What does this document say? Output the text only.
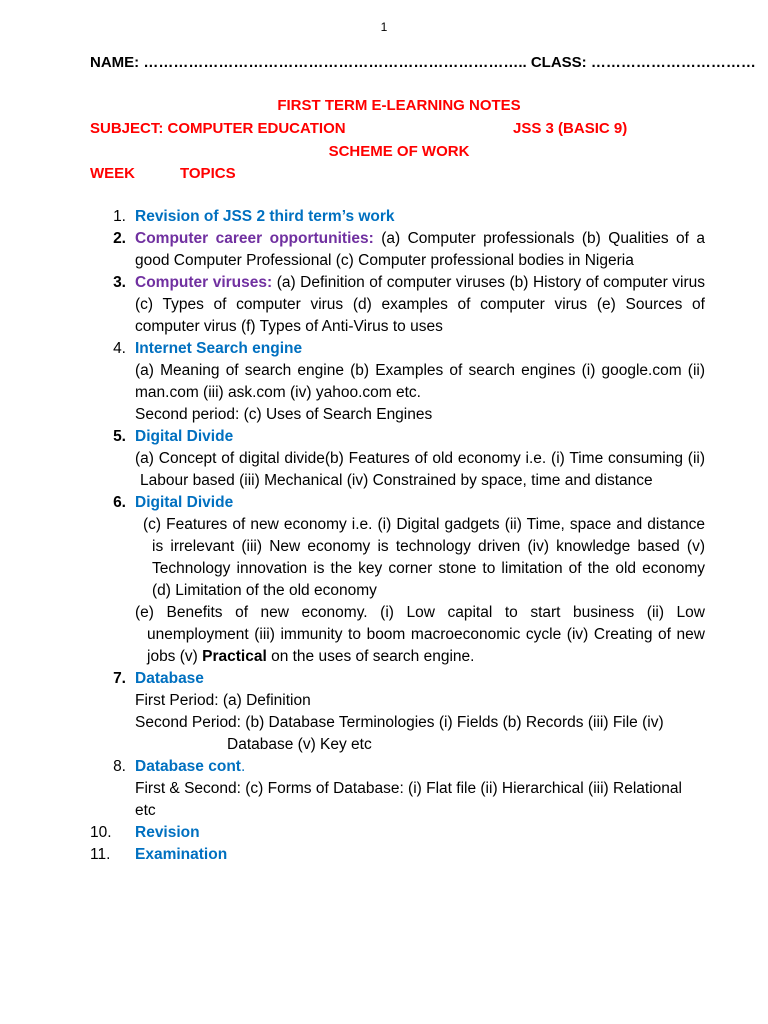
1
NAME: ………………………………………………………………….. CLASS: ……………………………
FIRST TERM E-LEARNING NOTES
SUBJECT: COMPUTER EDUCATION	JSS 3 (BASIC 9)
SCHEME OF WORK
WEEK	TOPICS
1. Revision of JSS 2 third term’s work
2. Computer career opportunities: (a) Computer professionals (b) Qualities of a good Computer Professional (c) Computer professional bodies in Nigeria
3. Computer viruses: (a) Definition of computer viruses (b) History of computer virus (c) Types of computer virus (d) examples of computer virus (e) Sources of computer virus (f) Types of Anti-Virus to uses
4. Internet Search engine
(a) Meaning of search engine (b) Examples of search engines (i) google.com (ii) man.com (iii) ask.com (iv) yahoo.com etc.
Second period: (c) Uses of Search Engines
5. Digital Divide
(a) Concept of digital divide(b) Features of old economy i.e. (i) Time consuming (ii) Labour based (iii) Mechanical (iv) Constrained by space, time and distance
6. Digital Divide
(c) Features of new economy i.e. (i) Digital gadgets (ii) Time, space and distance is irrelevant (iii) New economy is technology driven (iv) knowledge based (v) Technology innovation is the key corner stone to limitation of the old economy (d) Limitation of the old economy
(e) Benefits of new economy. (i) Low capital to start business (ii) Low unemployment (iii) immunity to boom macroeconomic cycle (iv) Creating of new jobs (v) Practical on the uses of search engine.
7. Database
First Period: (a) Definition
Second Period: (b) Database Terminologies (i) Fields (b) Records (iii) File (iv)
Database (v) Key etc
8. Database cont.
First & Second: (c) Forms of Database: (i) Flat file (ii) Hierarchical (iii) Relational etc
10. Revision
11. Examination
